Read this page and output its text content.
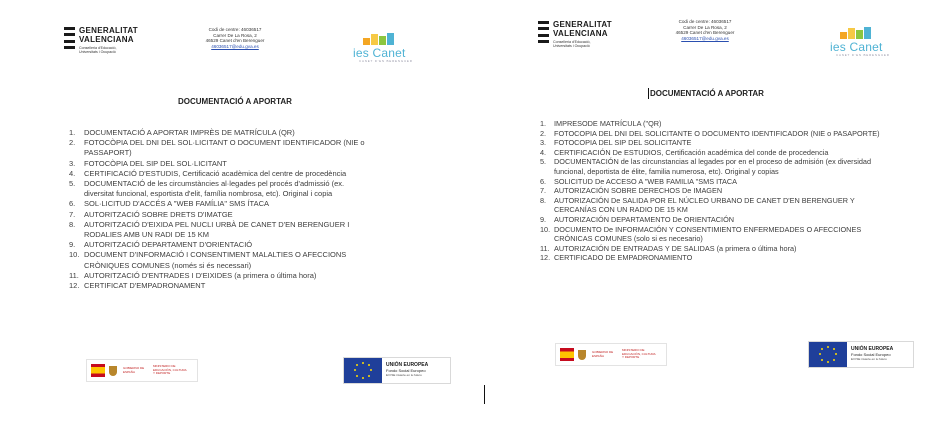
GENERALITAT
VALENCIANA
Conselleria d'Educació,
Universitats i Ocupació
Codi de centre: 46036517
Carrer De La Rosa, 2
46529 Canet d'en Berenguer
46036517@edu.gva.es	ies Canet
CANET D'EN BERENGUER
DOCUMENTACIÓ A APORTAR
1. DOCUMENTACIÓ A APORTAR IMPRÈS DE MATRÍCULA (QR)
2. FOTOCÒPIA DEL DNI DEL SOL·LICITANT O DOCUMENT IDENTIFICADOR (NIE o PASSAPORT)
3. FOTOCÒPIA DEL SIP DEL SOL·LICITANT
4. CERTIFICACIÓ D'ESTUDIS, Certificació acadèmica del centre de procedència
5. DOCUMENTACIÓ de les circumstàncies al·legades pel procés d'admissió (ex. diversitat funcional, esportista d'elit, família nombrosa, etc). Original i copia
6. SOL·LICITUD D'ACCÉS A "WEB FAMÍLIA" SMS ÍTACA
7. AUTORITZACIÓ SOBRE DRETS D'IMATGE
8. AUTORITZACIÓ D'EIXIDA PEL NUCLI URBÀ DE CANET D'EN BERENGUER I RODALIES AMB UN RADI DE 15 KM
9. AUTORITZACIÓ DEPARTAMENT D'ORIENTACIÓ
10. DOCUMENT D'INFORMACIÓ I CONSENTIMENT MALALTIES O AFECCIONS CRÒNIQUES COMUNES (només si és necessari)
11. AUTORITZACIÓ D'ENTRADES I D'EIXIDES (a primera o última hora)
12. CERTIFICAT D'EMPADRONAMENT
GOBIERNO DE ESPAÑA
MINISTERIO DE EDUCACIÓN, CULTURA Y DEPORTE
UNIÓN EUROPEA
Fondo Social Europeo
El FSE invierte en tu futuro
GENERALITAT
VALENCIANA
Conselleria d'Educació,
Universitats i Ocupació
Codi de centre: 46036517
Carrer De La Rosa, 2
46529 Canet d'en Berenguer
46036517@edu.gva.es
ies Canet
CANET D'EN BERENGUER
DOCUMENTACIÓ A APORTAR
1. IMPRESODE MATRÍCULA ("QR)
2. FOTOCOPIA DEL DNI DEL SOLICITANTE O DOCUMENTO IDENTIFICADOR (NIE o PASAPORTE)
3. FOTOCOPIA DEL SIP DEL SOLICITANTE
4. CERTIFICACIÓN De ESTUDIOS, Certificación académica del conde de procedencia
5. DOCUMENTACIÓN de las circunstancias al legades por en el proceso de admisión (ex diversidad funcional, deportista de élite, familia numerosa, etc). Original y copias
6. SOLICITUD De ACCESO A "WEB FAMILIA "SMS ITACA
7. AUTORIZACIÓN SOBRE DERECHOS De IMAGEN
8. AUTORIZACIÓN De SALIDA POR EL NÚCLEO URBANO DE CANET D'EN BERENGUER Y CERCANÍAS CON UN RADIO DE 15 KM
9. AUTORIZACIÓN DEPARTAMENTO De ORIENTACIÓN
10. DOCUMENTO De INFORMACIÓN Y CONSENTIMIENTO ENFERMEDADES O AFECCIONES CRÓNICAS COMUNES (solo si es necesario)
11. AUTORIZACIÓN DE ENTRADAS Y DE SALIDAS (a primera o última hora)
12. CERTIFICADO DE EMPADRONAMIENTO
GOBIERNO DE ESPAÑA
MINISTERIO DE EDUCACIÓN, CULTURA Y DEPORTE
UNIÓN EUROPEA
Fondo Social Europeo
El FSE invierte en tu futuro
